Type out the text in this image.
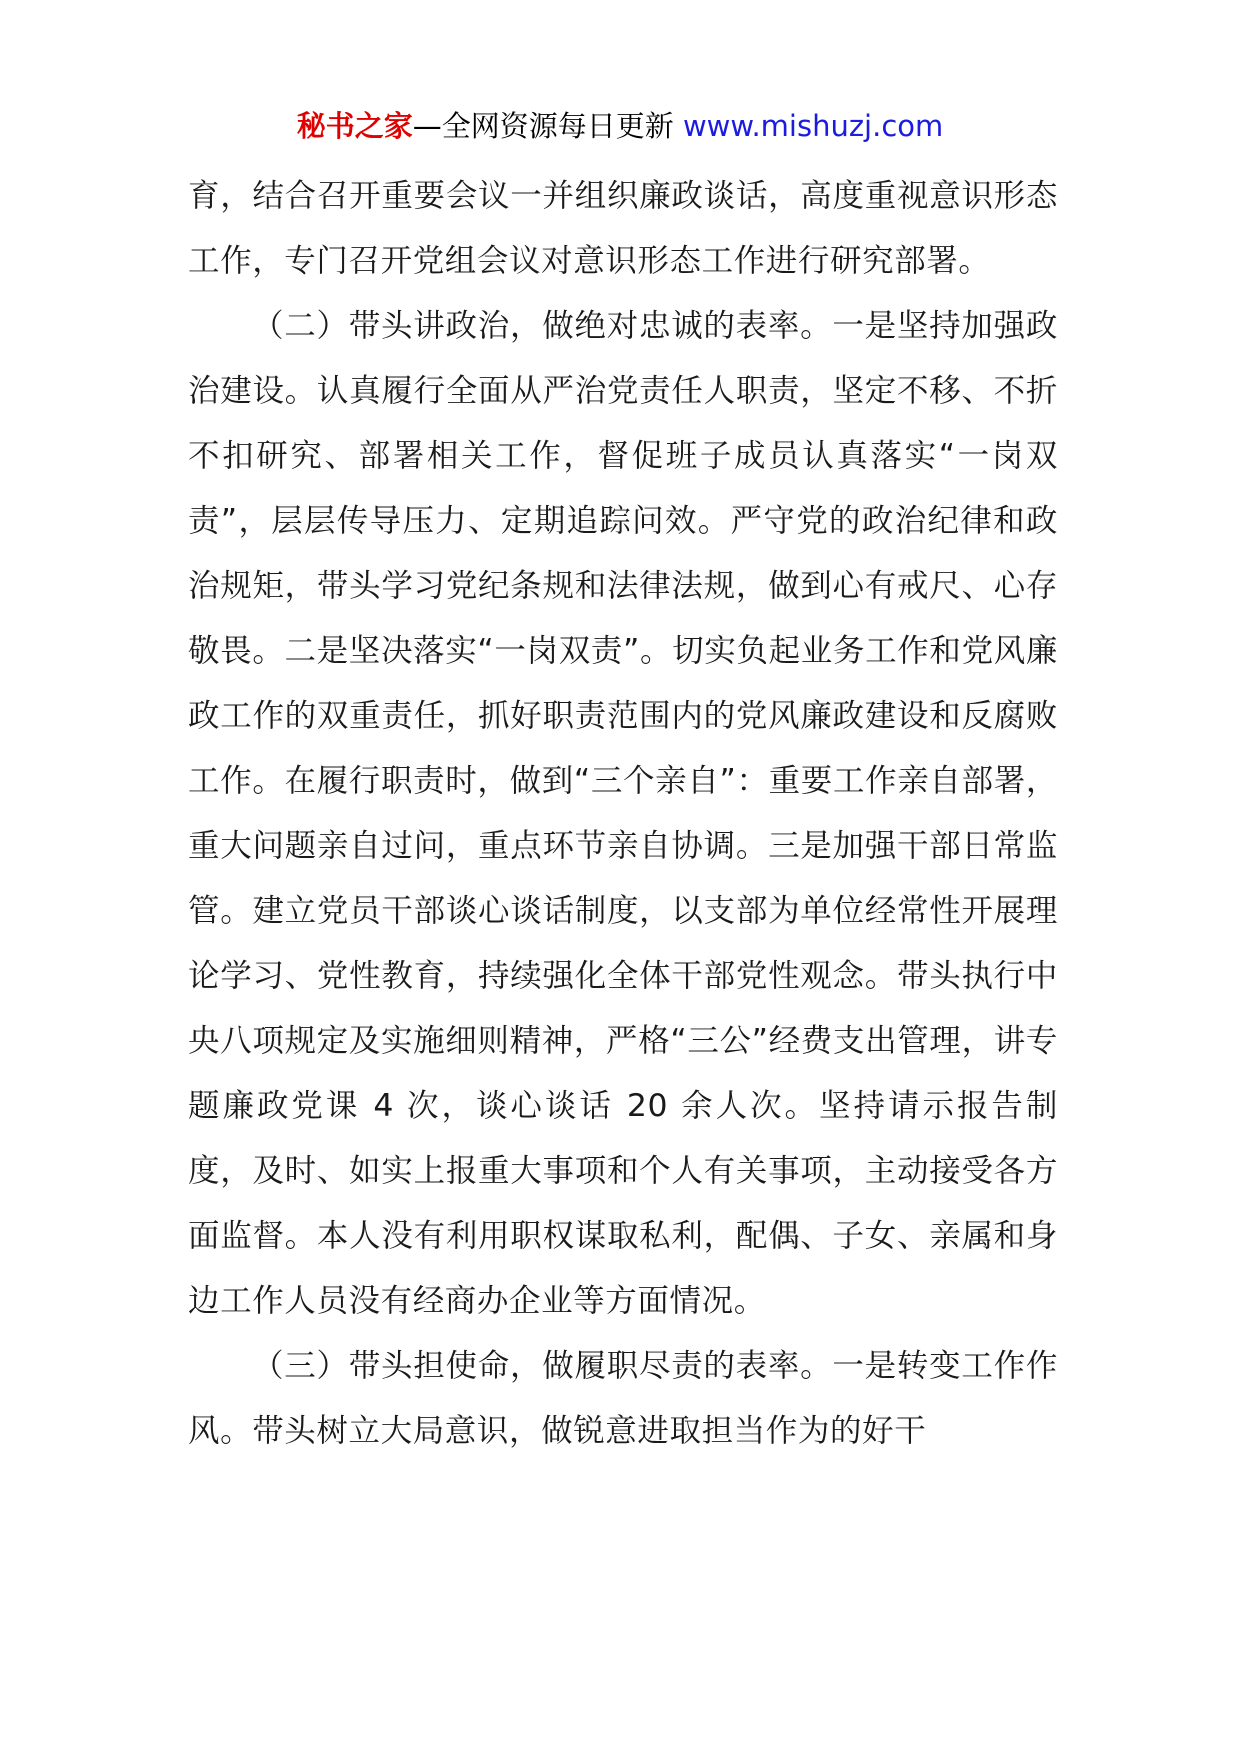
秘书之家—全网资源每日更新 www.mishuzj.com

育，结合召开重要会议一并组织廉政谈话，高度重视意识形态工作，专门召开党组会议对意识形态工作进行研究部署。

（二）带头讲政治，做绝对忠诚的表率。一是坚持加强政治建设。认真履行全面从严治党责任人职责，坚定不移、不折不扣研究、部署相关工作，督促班子成员认真落实“一岗双责”，层层传导压力、定期追踪问效。严守党的政治纪律和政治规矩，带头学习党纪条规和法律法规，做到心有戒尺、心存敬畏。二是坚决落实“一岗双责”。切实负起业务工作和党风廉政工作的双重责任，抓好职责范围内的党风廉政建设和反腐败工作。在履行职责时，做到“三个亲自”：重要工作亲自部署，重大问题亲自过问，重点环节亲自协调。三是加强干部日常监管。建立党员干部谈心谈话制度，以支部为单位经常性开展理论学习、党性教育，持续强化全体干部党性观念。带头执行中央八项规定及实施细则精神，严格“三公”经费支出管理，讲专题廉政党课 4 次，谈心谈话 20 余人次。坚持请示报告制度，及时、如实上报重大事项和个人有关事项，主动接受各方面监督。本人没有利用职权谋取私利，配偶、子女、亲属和身边工作人员没有经商办企业等方面情况。

（三）带头担使命，做履职尽责的表率。一是转变工作作风。带头树立大局意识，做锐意进取担当作为的好干
